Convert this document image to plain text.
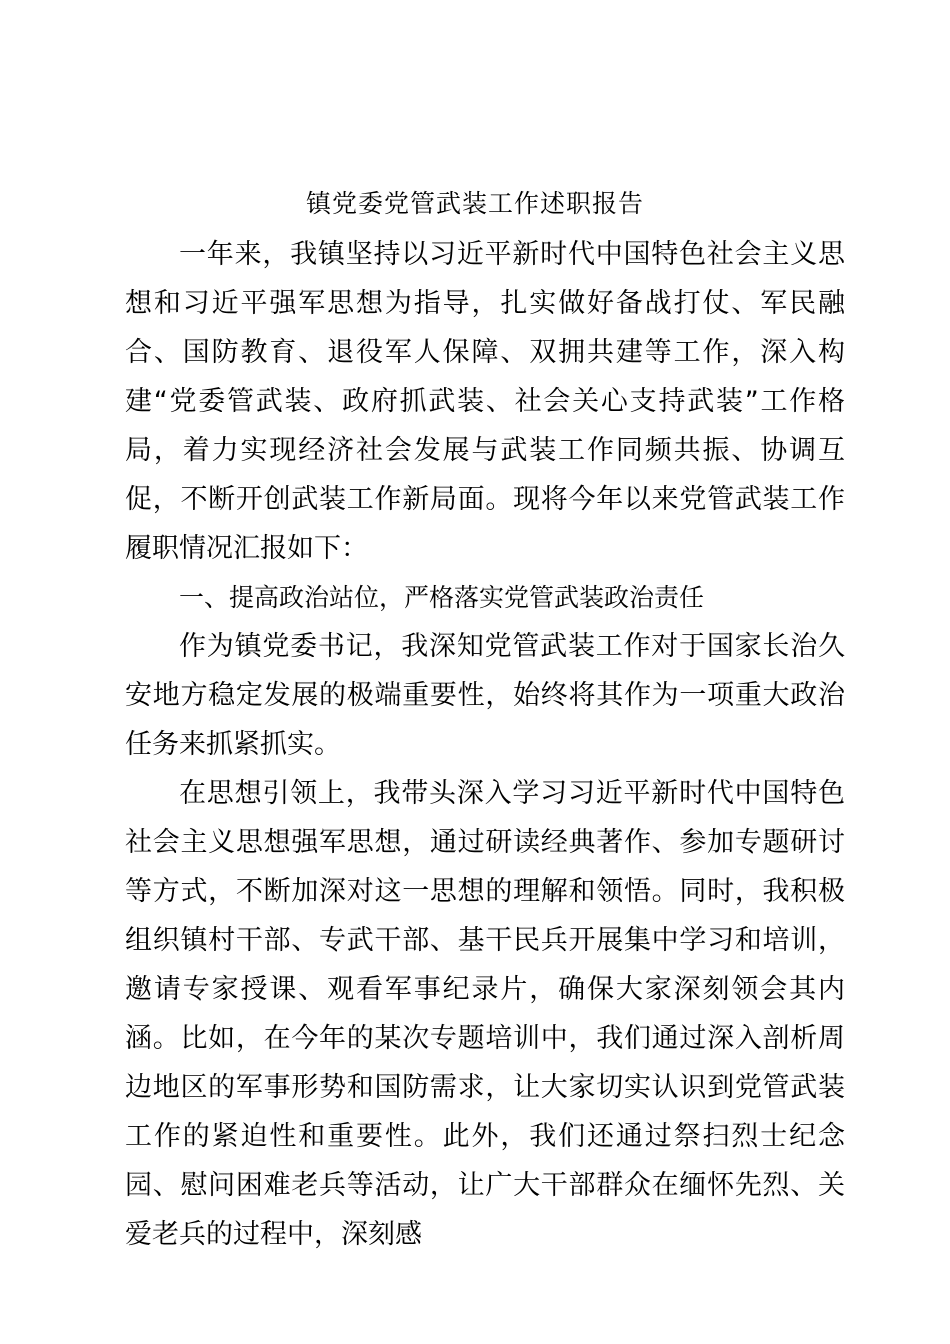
镇党委党管武装工作述职报告

一年来，我镇坚持以习近平新时代中国特色社会主义思想和习近平强军思想为指导，扎实做好备战打仗、军民融合、国防教育、退役军人保障、双拥共建等工作，深入构建“党委管武装、政府抓武装、社会关心支持武装”工作格局，着力实现经济社会发展与武装工作同频共振、协调互促，不断开创武装工作新局面。现将今年以来党管武装工作履职情况汇报如下：

一、提高政治站位，严格落实党管武装政治责任

作为镇党委书记，我深知党管武装工作对于国家长治久安地方稳定发展的极端重要性，始终将其作为一项重大政治任务来抓紧抓实。

在思想引领上，我带头深入学习习近平新时代中国特色社会主义思想强军思想，通过研读经典著作、参加专题研讨等方式，不断加深对这一思想的理解和领悟。同时，我积极组织镇村干部、专武干部、基干民兵开展集中学习和培训，邀请专家授课、观看军事纪录片，确保大家深刻领会其内涵。比如，在今年的某次专题培训中，我们通过深入剖析周边地区的军事形势和国防需求，让大家切实认识到党管武装工作的紧迫性和重要性。此外，我们还通过祭扫烈士纪念园、慰问困难老兵等活动，让广大干部群众在缅怀先烈、关爱老兵的过程中，深刻感
